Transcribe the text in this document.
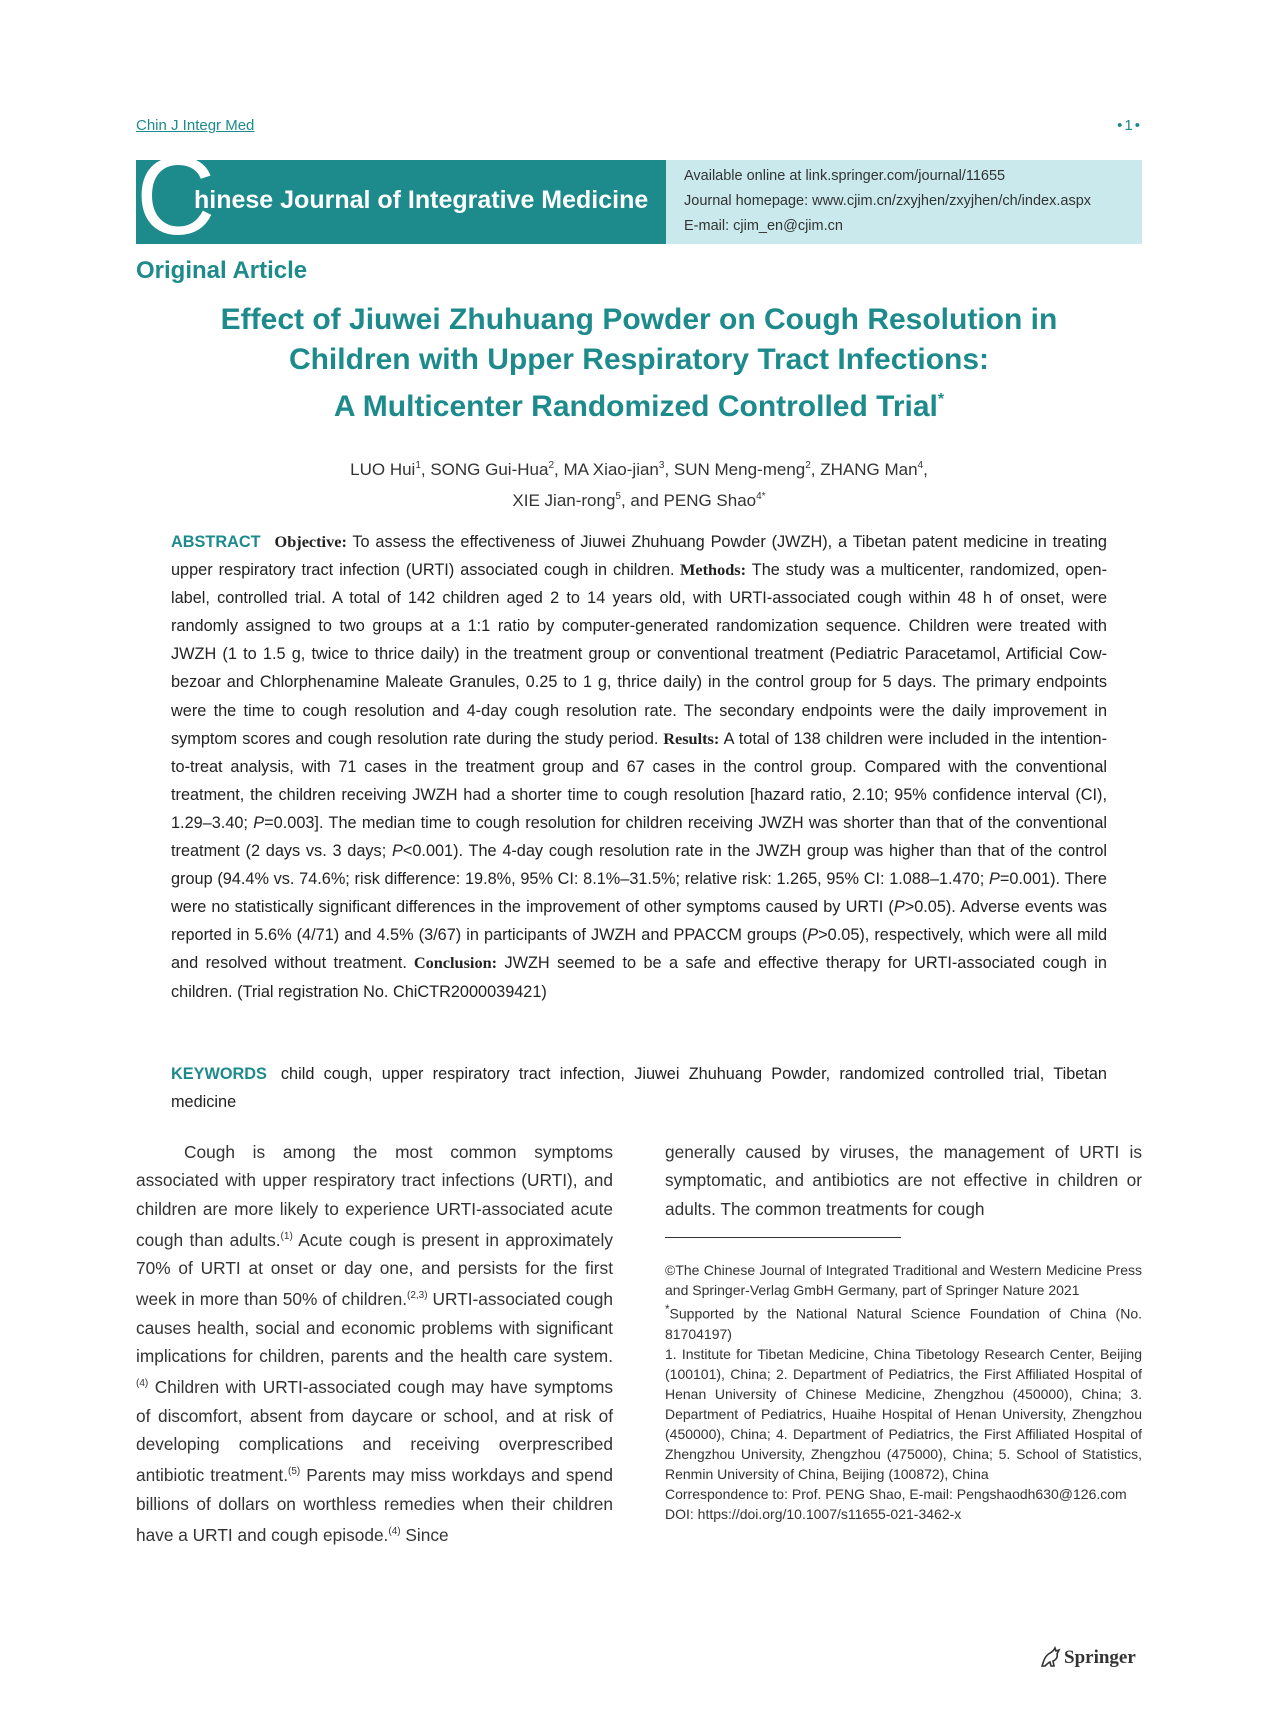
Chin J Integr Med	•1•
C
hinese Journal of Integrative Medicine
Available online at link.springer.com/journal/11655
Journal homepage: www.cjim.cn/zxyjhen/zxyjhen/ch/index.aspx
E-mail: cjim_en@cjim.cn
Original Article
Effect of Jiuwei Zhuhuang Powder on Cough Resolution in
Children with Upper Respiratory Tract Infections:
A Multicenter Randomized Controlled Trial*
LUO Hui$^1$, SONG Gui-Hua$^2$, MA Xiao-jian$^3$, SUN Meng-meng$^2$, ZHANG Man$^4$,
XIE Jian-rong$^5$, and PENG Shao$^{4*}$
ABSTRACT Objective: To assess the effectiveness of Jiuwei Zhuhuang Powder (JWZH), a Tibetan patent medicine in treating upper respiratory tract infection (URTI) associated cough in children. Methods: The study was a multicenter, randomized, open-label, controlled trial. A total of 142 children aged 2 to 14 years old, with URTI-associated cough within 48 h of onset, were randomly assigned to two groups at a 1:1 ratio by computer-generated randomization sequence. Children were treated with JWZH (1 to 1.5 g, twice to thrice daily) in the treatment group or conventional treatment (Pediatric Paracetamol, Artificial Cow-bezoar and Chlorphenamine Maleate Granules, 0.25 to 1 g, thrice daily) in the control group for 5 days. The primary endpoints were the time to cough resolution and 4-day cough resolution rate. The secondary endpoints were the daily improvement in symptom scores and cough resolution rate during the study period. Results: A total of 138 children were included in the intention-to-treat analysis, with 71 cases in the treatment group and 67 cases in the control group. Compared with the conventional treatment, the children receiving JWZH had a shorter time to cough resolution [hazard ratio, 2.10; 95% confidence interval (CI), 1.29–3.40; P=0.003]. The median time to cough resolution for children receiving JWZH was shorter than that of the conventional treatment (2 days vs. 3 days; P<0.001). The 4-day cough resolution rate in the JWZH group was higher than that of the control group (94.4% vs. 74.6%; risk difference: 19.8%, 95% CI: 8.1%–31.5%; relative risk: 1.265, 95% CI: 1.088–1.470; P=0.001). There were no statistically significant differences in the improvement of other symptoms caused by URTI (P>0.05). Adverse events was reported in 5.6% (4/71) and 4.5% (3/67) in participants of JWZH and PPACCM groups (P>0.05), respectively, which were all mild and resolved without treatment. Conclusion: JWZH seemed to be a safe and effective therapy for URTI-associated cough in children. (Trial registration No. ChiCTR2000039421)
KEYWORDS child cough, upper respiratory tract infection, Jiuwei Zhuhuang Powder, randomized controlled trial, Tibetan medicine

Cough is among the most common symptoms associated with upper respiratory tract infections (URTI), and children are more likely to experience URTI-associated acute cough than adults.$^{(1)}$ Acute cough is present in approximately 70% of URTI at onset or day one, and persists for the first week in more than 50% of children.$^{(2,3)}$ URTI-associated cough causes health, social and economic problems with significant implications for children, parents and the health care system.$^{(4)}$ Children with URTI-associated cough may have symptoms of discomfort, absent from daycare or school, and at risk of developing complications and receiving overprescribed antibiotic treatment.$^{(5)}$ Parents may miss workdays and spend billions of dollars on worthless remedies when their children have a URTI and cough episode.$^{(4)}$ Since

generally caused by viruses, the management of URTI is symptomatic, and antibiotics are not effective in children or adults. The common treatments for cough

©The Chinese Journal of Integrated Traditional and Western Medicine Press and Springer-Verlag GmbH Germany, part of Springer Nature 2021

*Supported by the National Natural Science Foundation of China (No. 81704197)

1. Institute for Tibetan Medicine, China Tibetology Research Center, Beijing (100101), China; 2. Department of Pediatrics, the First Affiliated Hospital of Henan University of Chinese Medicine, Zhengzhou (450000), China; 3. Department of Pediatrics, Huaihe Hospital of Henan University, Zhengzhou (450000), China; 4. Department of Pediatrics, the First Affiliated Hospital of Zhengzhou University, Zhengzhou (475000), China; 5. School of Statistics, Renmin University of China, Beijing (100872), China

Correspondence to: Prof. PENG Shao, E-mail: Pengshaodh630@126.com

DOI: https://doi.org/10.1007/s11655-021-3462-x

Springer
